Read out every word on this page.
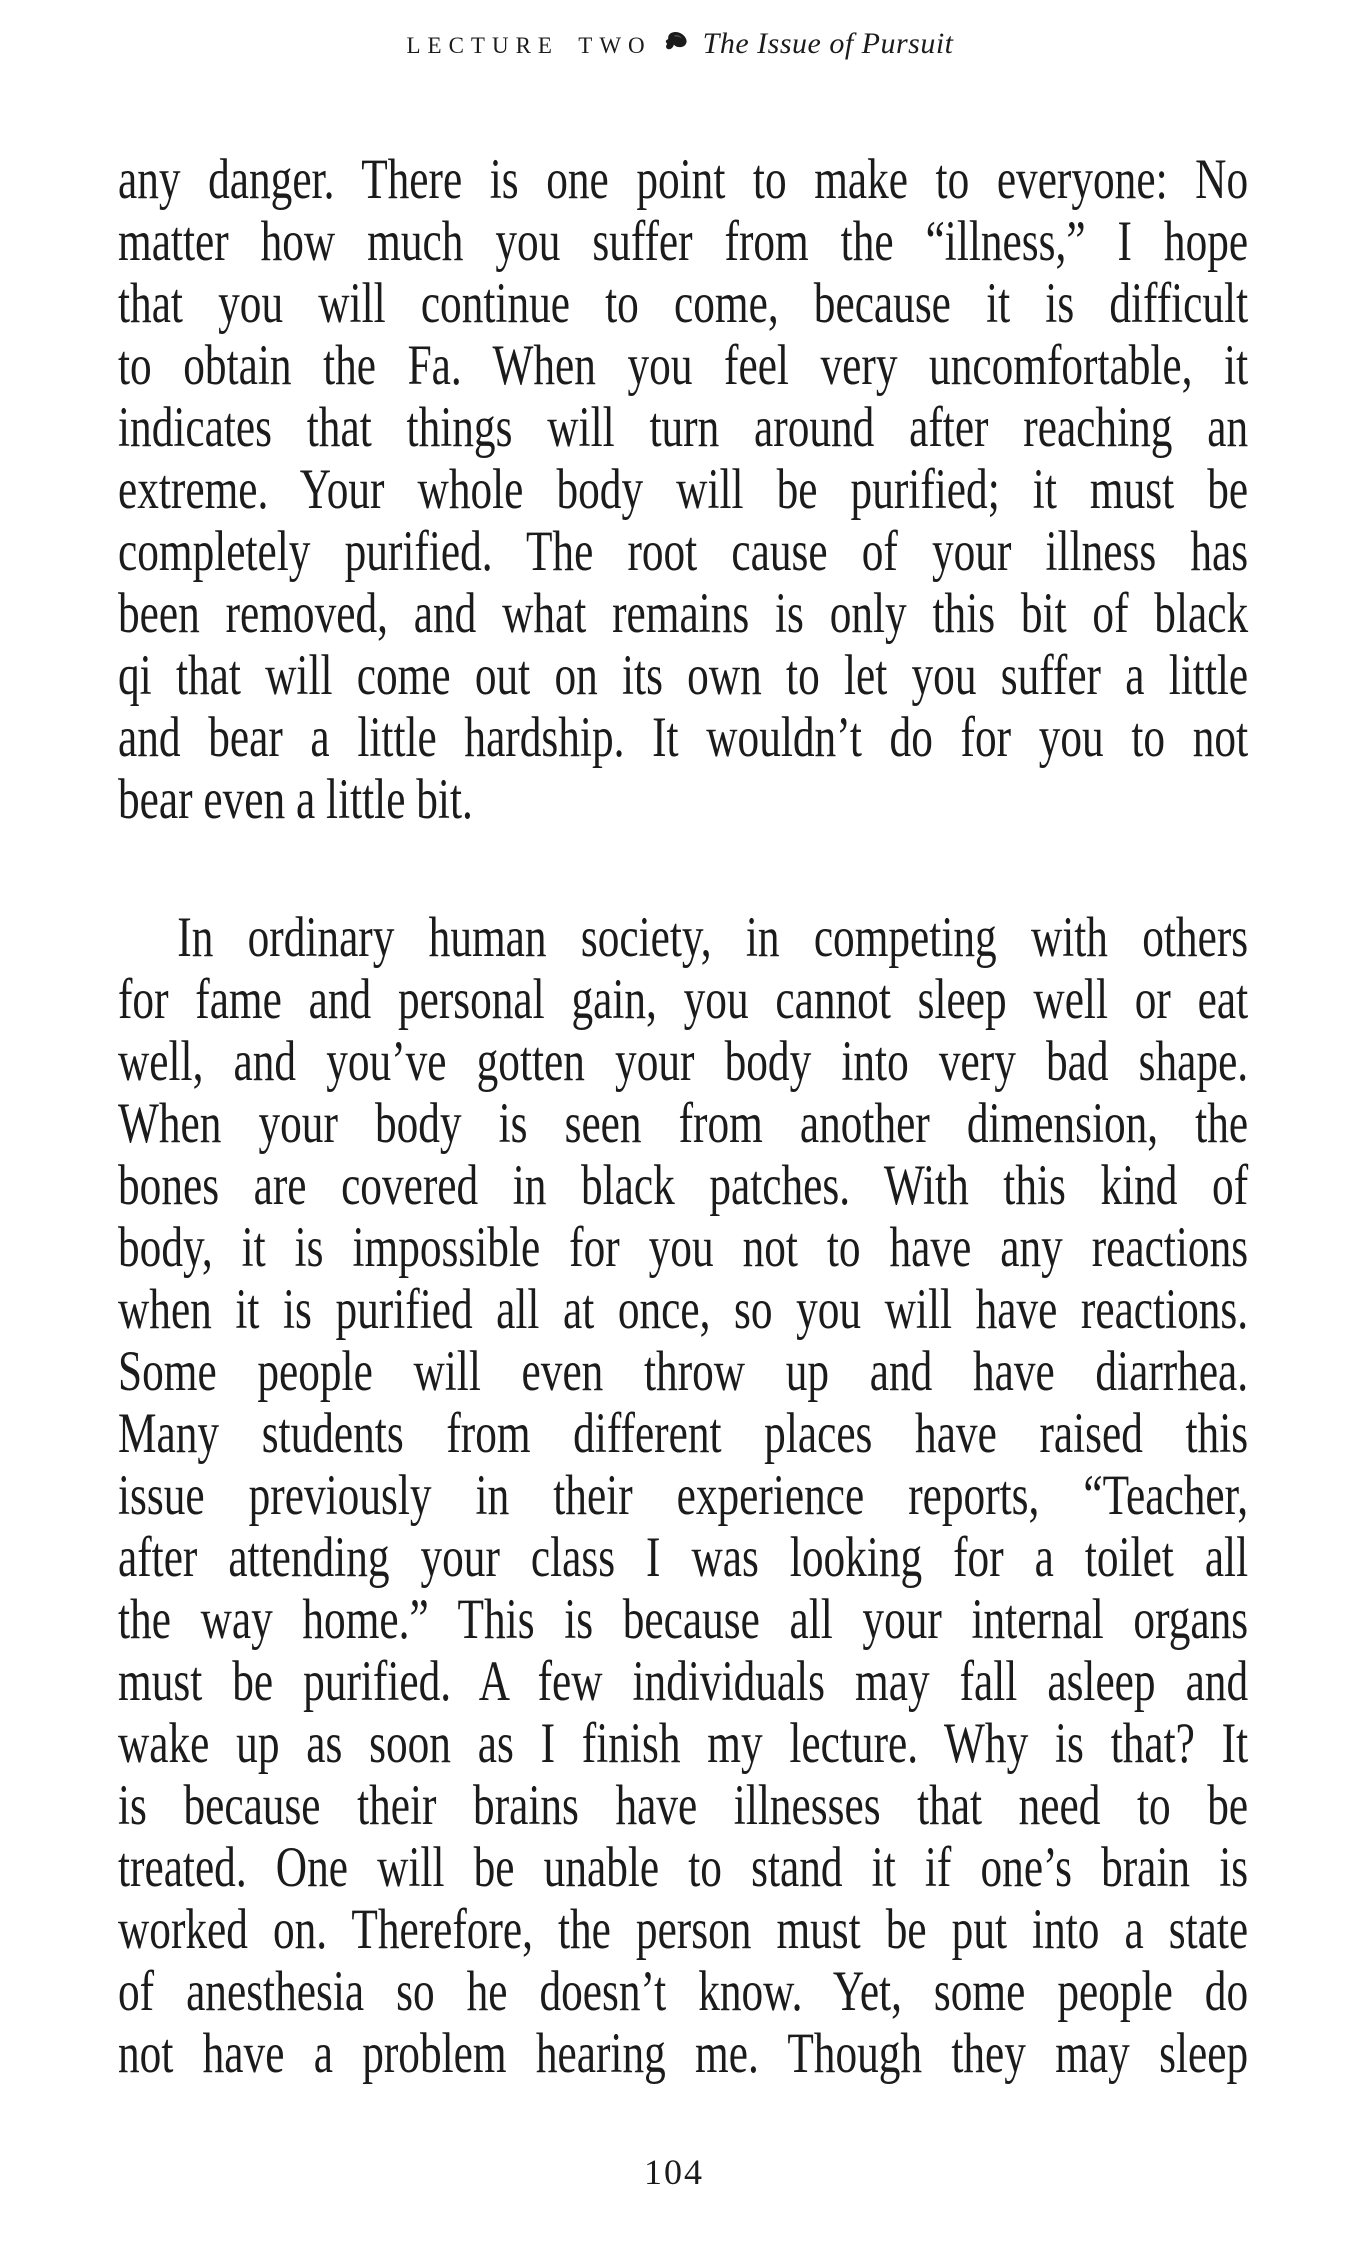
LECTURE TWO The Issue of Pursuit
any danger. There is one point to make to everyone: No
matter how much you suffer from the “illness,” I hope
that you will continue to come, because it is difficult
to obtain the Fa. When you feel very uncomfortable, it
indicates that things will turn around after reaching an
extreme. Your whole body will be purified; it must be
completely purified. The root cause of your illness has
been removed, and what remains is only this bit of black
qi that will come out on its own to let you suffer a little
and bear a little hardship. It wouldn’t do for you to not
bear even a little bit.
In ordinary human society, in competing with others
for fame and personal gain, you cannot sleep well or eat
well, and you’ve gotten your body into very bad shape.
When your body is seen from another dimension, the
bones are covered in black patches. With this kind of
body, it is impossible for you not to have any reactions
when it is purified all at once, so you will have reactions.
Some people will even throw up and have diarrhea.
Many students from different places have raised this
issue previously in their experience reports, “Teacher,
after attending your class I was looking for a toilet all
the way home.” This is because all your internal organs
must be purified. A few individuals may fall asleep and
wake up as soon as I finish my lecture. Why is that? It
is because their brains have illnesses that need to be
treated. One will be unable to stand it if one’s brain is
worked on. Therefore, the person must be put into a state
of anesthesia so he doesn’t know. Yet, some people do
not have a problem hearing me. Though they may sleep
104
